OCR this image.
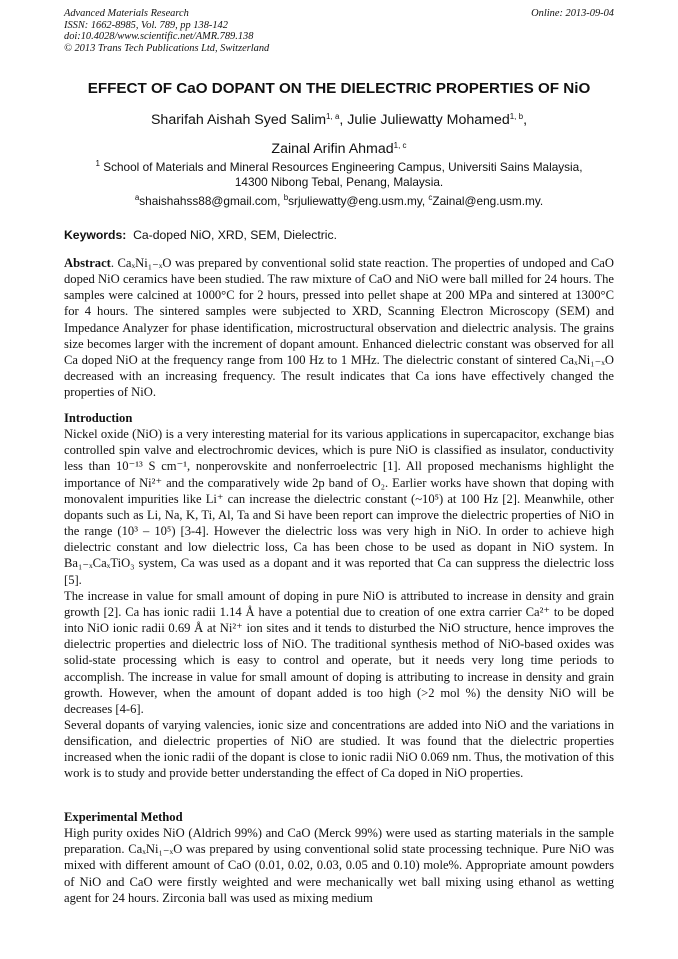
Advanced Materials Research
ISSN: 1662-8985, Vol. 789, pp 138-142
doi:10.4028/www.scientific.net/AMR.789.138
© 2013 Trans Tech Publications Ltd, Switzerland
Online: 2013-09-04
EFFECT OF CaO DOPANT ON THE DIELECTRIC PROPERTIES OF NiO
Sharifah Aishah Syed Salim$^{1, a}$, Julie Juliewatty Mohamed$^{1, b}$,
Zainal Arifin Ahmad$^{1, c}$
$^1$ School of Materials and Mineral Resources Engineering Campus, Universiti Sains Malaysia,
14300 Nibong Tebal, Penang, Malaysia.
$^a$shaishahss88@gmail.com, $^b$srjuliewatty@eng.usm.my, $^c$Zainal@eng.usm.my.
Keywords: Ca-doped NiO, XRD, SEM, Dielectric.

Abstract. CaₓNi₁₋ₓO was prepared by conventional solid state reaction. The properties of undoped and CaO doped NiO ceramics have been studied. The raw mixture of CaO and NiO were ball milled for 24 hours. The samples were calcined at 1000°C for 2 hours, pressed into pellet shape at 200 MPa and sintered at 1300°C for 4 hours. The sintered samples were subjected to XRD, Scanning Electron Microscopy (SEM) and Impedance Analyzer for phase identification, microstructural observation and dielectric analysis. The grains size becomes larger with the increment of dopant amount. Enhanced dielectric constant was observed for all Ca doped NiO at the frequency range from 100 Hz to 1 MHz. The dielectric constant of sintered CaₓNi₁₋ₓO decreased with an increasing frequency. The result indicates that Ca ions have effectively changed the properties of NiO.

Introduction

Nickel oxide (NiO) is a very interesting material for its various applications in supercapacitor, exchange bias controlled spin valve and electrochromic devices, which is pure NiO is classified as insulator, conductivity less than 10⁻¹³ S cm⁻¹, nonperovskite and nonferroelectric [1]. All proposed mechanisms highlight the importance of Ni²⁺ and the comparatively wide 2p band of O₂. Earlier works have shown that doping with monovalent impurities like Li⁺ can increase the dielectric constant (~10⁵) at 100 Hz [2]. Meanwhile, other dopants such as Li, Na, K, Ti, Al, Ta and Si have been report can improve the dielectric properties of NiO in the range (10³ – 10⁵) [3-4]. However the dielectric loss was very high in NiO. In order to achieve high dielectric constant and low dielectric loss, Ca has been chose to be used as dopant in NiO system. In Ba₁₋ₓCaₓTiO₃ system, Ca was used as a dopant and it was reported that Ca can suppress the dielectric loss [5].

The increase in value for small amount of doping in pure NiO is attributed to increase in density and grain growth [2]. Ca has ionic radii 1.14 Å have a potential due to creation of one extra carrier Ca²⁺ to be doped into NiO ionic radii 0.69 Å at Ni²⁺ ion sites and it tends to disturbed the NiO structure, hence improves the dielectric properties and dielectric loss of NiO. The traditional synthesis method of NiO-based oxides was solid-state processing which is easy to control and operate, but it needs very long time periods to accomplish. The increase in value for small amount of doping is attributing to increase in density and grain growth. However, when the amount of dopant added is too high (>2 mol %) the density NiO will be decreases [4-6].

Several dopants of varying valencies, ionic size and concentrations are added into NiO and the variations in densification, and dielectric properties of NiO are studied. It was found that the dielectric properties increased when the ionic radii of the dopant is close to ionic radii NiO 0.069 nm. Thus, the motivation of this work is to study and provide better understanding the effect of Ca doped in NiO properties.

Experimental Method

High purity oxides NiO (Aldrich 99%) and CaO (Merck 99%) were used as starting materials in the sample preparation. CaₓNi₁₋ₓO was prepared by using conventional solid state processing technique. Pure NiO was mixed with different amount of CaO (0.01, 0.02, 0.03, 0.05 and 0.10) mole%. Appropriate amount powders of NiO and CaO were firstly weighted and were mechanically wet ball mixing using ethanol as wetting agent for 24 hours. Zirconia ball was used as mixing medium
